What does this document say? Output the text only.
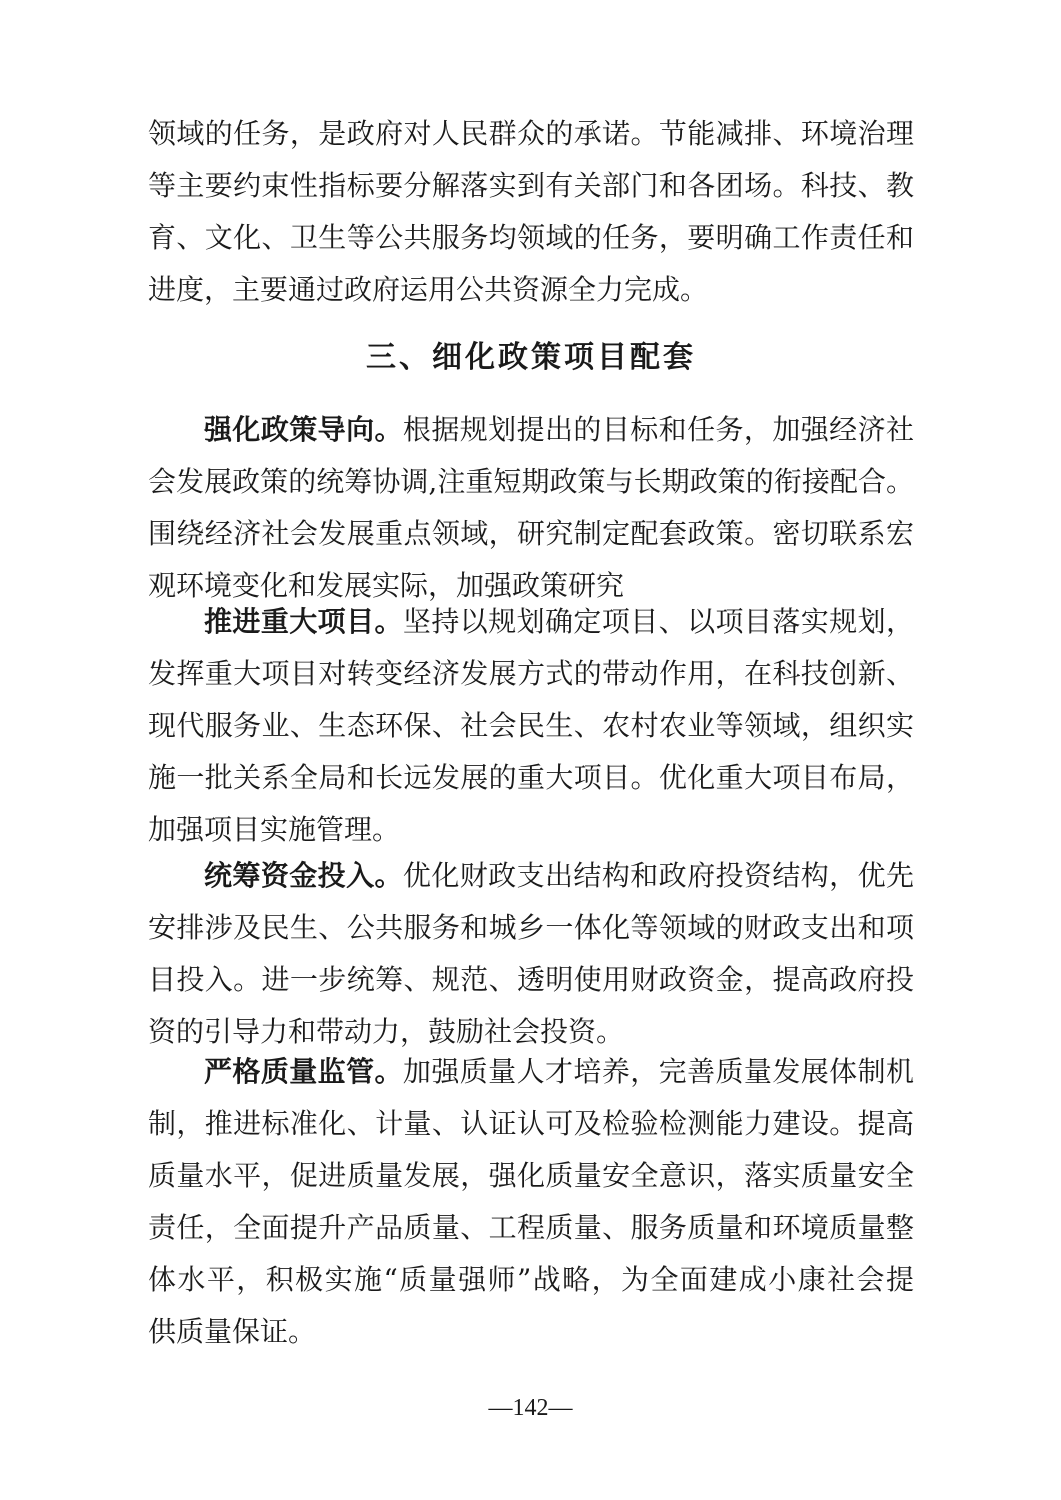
领域的任务，是政府对人民群众的承诺。节能减排、环境治理

等主要约束性指标要分解落实到有关部门和各团场。科技、教

育、文化、卫生等公共服务均领域的任务，要明确工作责任和

进度，主要通过政府运用公共资源全力完成。

三、细化政策项目配套

强化政策导向。根据规划提出的目标和任务，加强经济社

会发展政策的统筹协调,注重短期政策与长期政策的衔接配合。

围绕经济社会发展重点领域，研究制定配套政策。密切联系宏

观环境变化和发展实际，加强政策研究

推进重大项目。坚持以规划确定项目、以项目落实规划，

发挥重大项目对转变经济发展方式的带动作用，在科技创新、

现代服务业、生态环保、社会民生、农村农业等领域，组织实

施一批关系全局和长远发展的重大项目。优化重大项目布局，

加强项目实施管理。

统筹资金投入。优化财政支出结构和政府投资结构，优先

安排涉及民生、公共服务和城乡一体化等领域的财政支出和项

目投入。进一步统筹、规范、透明使用财政资金，提高政府投

资的引导力和带动力，鼓励社会投资。

严格质量监管。加强质量人才培养，完善质量发展体制机

制，推进标准化、计量、认证认可及检验检测能力建设。提高

质量水平，促进质量发展，强化质量安全意识，落实质量安全

责任，全面提升产品质量、工程质量、服务质量和环境质量整

体水平，积极实施“质量强师”战略，为全面建成小康社会提

供质量保证。

—142—
